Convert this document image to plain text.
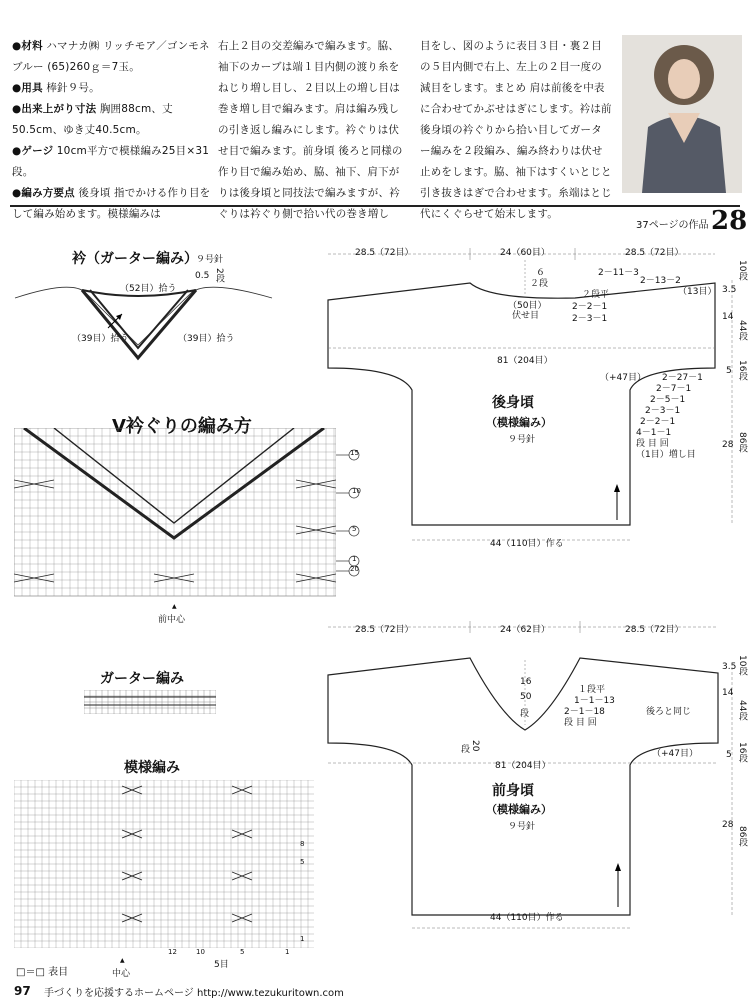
●材料 ハマナカ㈱ リッチモア／ゴンモネ ブルー (65)260ｇ＝7玉。

●用具 棒針９号。

●出来上がり寸法 胸囲88cm、丈50.5cm、ゆき丈40.5cm。

●ゲージ 10cm平方で模様編み25目×31段。

●編み方要点 後身頃 指でかける作り目をして編み始めます。模様編みは

右上２目の交差編みで編みます。脇、袖下のカーブは端１目内側の渡り糸をねじり増し目し、２目以上の増し目は巻き増し目で編みます。肩は編み残しの引き返し編みにします。衿ぐりは伏せ目で編みます。前身頃 後ろと同様の作り目で編み始め、脇、袖下、肩下がりは後身頃と同技法で編みますが、衿ぐりは衿ぐり側で拾い代の巻き増し
目をし、図のように表目３目・裏２目の５目内側で右上、左上の２目一度の減目をします。まとめ 肩は前後を中表に合わせてかぶせはぎにします。衿は前後身頃の衿ぐりから拾い目してガーター編みを２段編み、編み終わりは伏せ止めをします。脇、袖下はすくいとじと引き抜きはぎで合わせます。糸端はとじ代にくぐらせて始末します。
37ページの作品 28
衿（ガーター編み）
９号針
0.5 2段
（52目）拾う
（39目）拾う	（39目）拾う
V衿ぐりの編み方
15
10
5
1
20
▲
前中心
ガーター編み
模様編み
8
5
1
12	10	5	1
▲
中心
5目
□＝□ 表目
28.5（72目）	24（60目）	28.5（72目）
６
２段
（50目）
伏せ目
２段平
2－2－1
2－3－1
2－11－3
2－13－2
（13目）
81（204目）
（+47目） 2－27－1
2－7－1
2－5－1
2－3－1
2－2－1
4－1－1
段 目 回
（1目）増し目
後身頃
（模様編み）
９号針
44（110目）作る
3.5
10段
14
44段
5 16段
28 86段
28.5（72目）	24（62目）	28.5（72目）
16
50
段
１段平
1－1－13
2－1－18
段 目 回
後ろと同じ
20
段
81（204目）
（+47目）
前身頃
（模様編み）
９号針
44（110目）作る
3.5 10段
14
44段
5 16段
28
86段
97 手づくりを応援するホームページ http://www.tezukuritown.com
